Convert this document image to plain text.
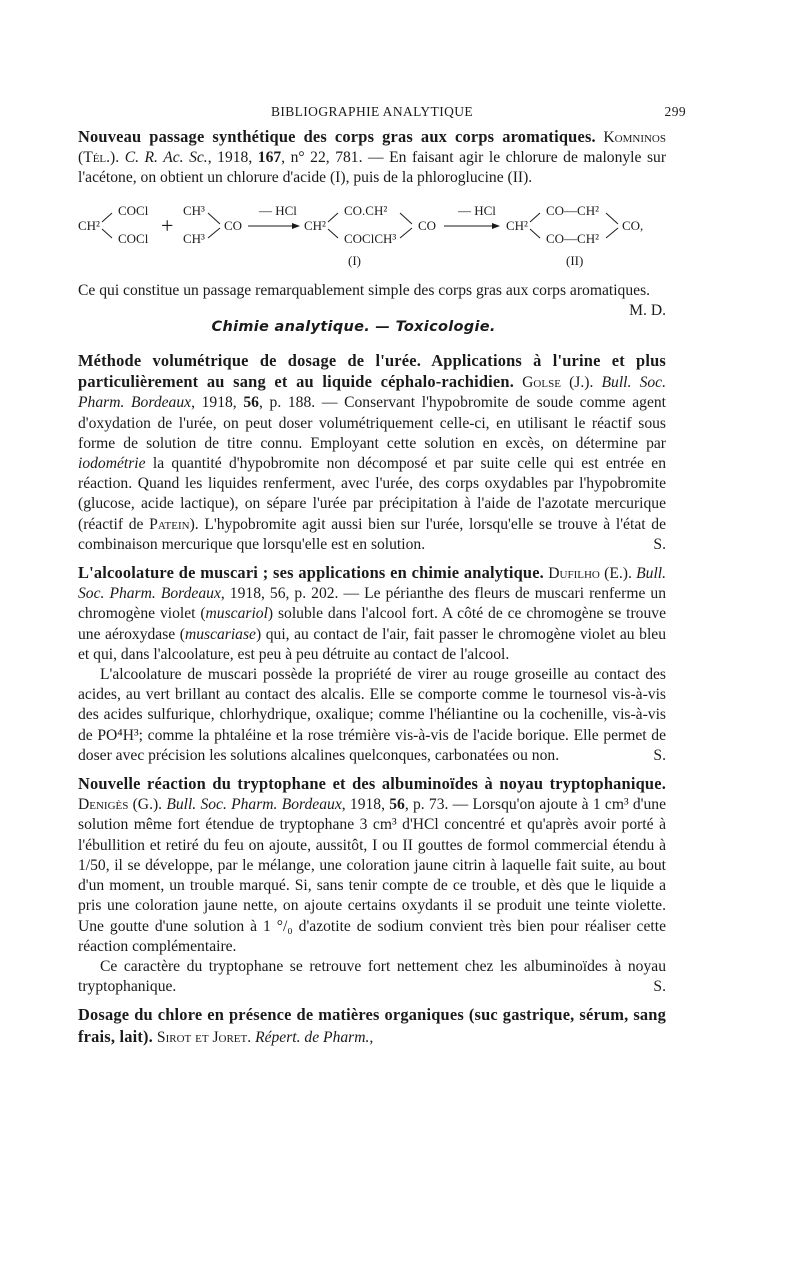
BIBLIOGRAPHIE ANALYTIQUE	299

Nouveau passage synthétique des corps gras aux corps aromatiques. Komninos (Tél.). C. R. Ac. Sc., 1918, 167, n° 22, 781. — En faisant agir le chlorure de malonyle sur l'acétone, on obtient un chlorure d'acide (I), puis de la phloroglucine (II).

CH²
COCl
COCl
+
CH³
CH³
CO
— HCl
CH²
CO.CH²
COClCH³
CO
— HCl
CH²
CO—CH²
CO—CH²
CO,
(I)	(II)

Ce qui constitue un passage remarquablement simple des corps gras aux corps aromatiques.
M. D.

Chimie analytique. — Toxicologie.

Méthode volumétrique de dosage de l'urée. Applications à l'urine et plus particulièrement au sang et au liquide céphalo-rachidien. Golse (J.). Bull. Soc. Pharm. Bordeaux, 1918, 56, p. 188. — Conservant l'hypobromite de soude comme agent d'oxydation de l'urée, on peut doser volumétriquement celle-ci, en utilisant le réactif sous forme de solution de titre connu. Employant cette solution en excès, on détermine par iodométrie la quantité d'hypobromite non décomposé et par suite celle qui est entrée en réaction. Quand les liquides renferment, avec l'urée, des corps oxydables par l'hypobromite (glucose, acide lactique), on sépare l'urée par précipitation à l'aide de l'azotate mercurique (réactif de Patein). L'hypobromite agit aussi bien sur l'urée, lorsqu'elle se trouve à l'état de combinaison mercurique que lorsqu'elle est en solution.	S.

L'alcoolature de muscari ; ses applications en chimie analytique. Dufilho (E.). Bull. Soc. Pharm. Bordeaux, 1918, 56, p. 202. — Le périanthe des fleurs de muscari renferme un chromogène violet (muscariol) soluble dans l'alcool fort. A côté de ce chromogène se trouve une aéroxydase (muscariase) qui, au contact de l'air, fait passer le chromogène violet au bleu et qui, dans l'alcoolature, est peu à peu détruite au contact de l'alcool.

L'alcoolature de muscari possède la propriété de virer au rouge groseille au contact des acides, au vert brillant au contact des alcalis. Elle se comporte comme le tournesol vis-à-vis des acides sulfurique, chlorhydrique, oxalique; comme l'héliantine ou la cochenille, vis-à-vis de PO⁴H³; comme la phtaléine et la rose trémière vis-à-vis de l'acide borique. Elle permet de doser avec précision les solutions alcalines quelconques, carbonatées ou non.	S.

Nouvelle réaction du tryptophane et des albuminoïdes à noyau tryptophanique. Denigès (G.). Bull. Soc. Pharm. Bordeaux, 1918, 56, p. 73. — Lorsqu'on ajoute à 1 cm³ d'une solution même fort étendue de tryptophane 3 cm³ d'HCl concentré et qu'après avoir porté à l'ébullition et retiré du feu on ajoute, aussitôt, I ou II gouttes de formol commercial étendu à 1/50, il se développe, par le mélange, une coloration jaune citrin à laquelle fait suite, au bout d'un moment, un trouble marqué. Si, sans tenir compte de ce trouble, et dès que le liquide a pris une coloration jaune nette, on ajoute certains oxydants il se produit une teinte violette. Une goutte d'une solution à 1 °/₀ d'azotite de sodium convient très bien pour réaliser cette réaction complémentaire.

Ce caractère du tryptophane se retrouve fort nettement chez les albuminoïdes à noyau tryptophanique.	S.

Dosage du chlore en présence de matières organiques (suc gastrique, sérum, sang frais, lait). Sirot et Joret. Répert. de Pharm.,
